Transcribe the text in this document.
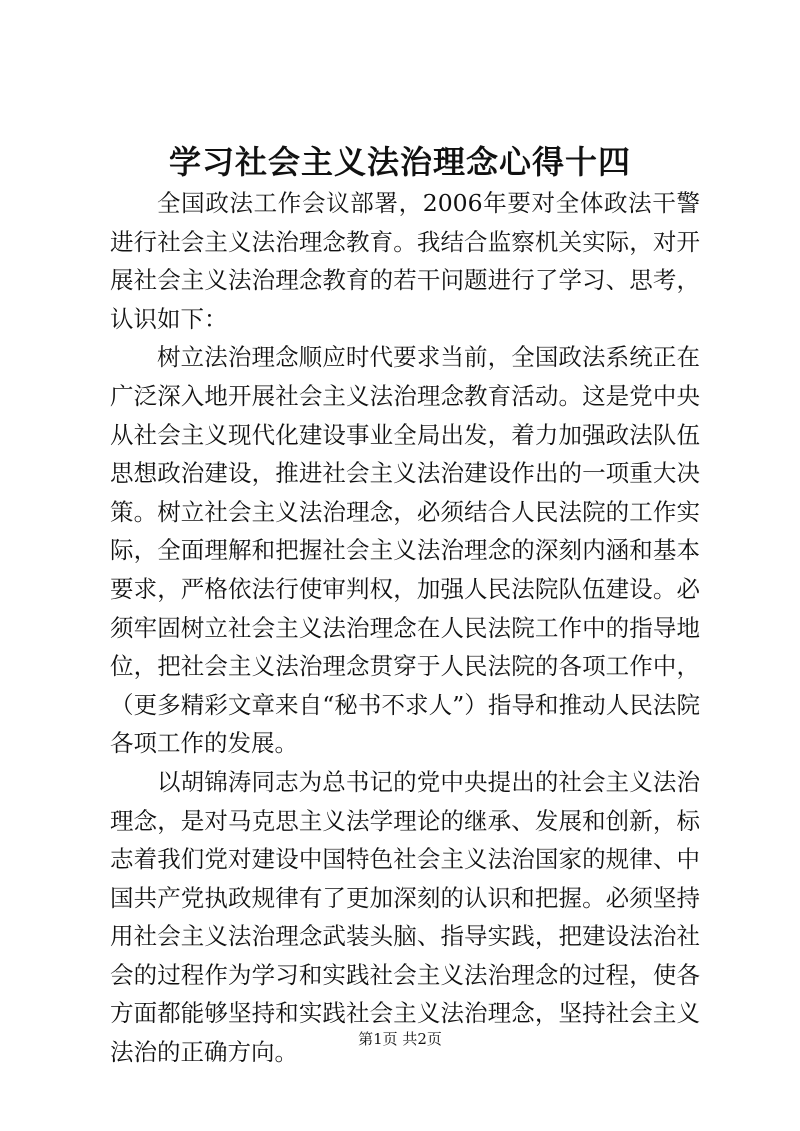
学习社会主义法治理念心得十四

全国政法工作会议部署，2006年要对全体政法干警进行社会主义法治理念教育。我结合监察机关实际，对开展社会主义法治理念教育的若干问题进行了学习、思考，认识如下：

树立法治理念顺应时代要求当前，全国政法系统正在广泛深入地开展社会主义法治理念教育活动。这是党中央从社会主义现代化建设事业全局出发，着力加强政法队伍思想政治建设，推进社会主义法治建设作出的一项重大决策。树立社会主义法治理念，必须结合人民法院的工作实际，全面理解和把握社会主义法治理念的深刻内涵和基本要求，严格依法行使审判权，加强人民法院队伍建设。必须牢固树立社会主义法治理念在人民法院工作中的指导地位，把社会主义法治理念贯穿于人民法院的各项工作中，（更多精彩文章来自“秘书不求人”）指导和推动人民法院各项工作的发展。

以胡锦涛同志为总书记的党中央提出的社会主义法治理念，是对马克思主义法学理论的继承、发展和创新，标志着我们党对建设中国特色社会主义法治国家的规律、中国共产党执政规律有了更加深刻的认识和把握。必须坚持用社会主义法治理念武装头脑、指导实践，把建设法治社会的过程作为学习和实践社会主义法治理念的过程，使各方面都能够坚持和实践社会主义法治理念，坚持社会主义法治的正确方向。	第1页 共2页
